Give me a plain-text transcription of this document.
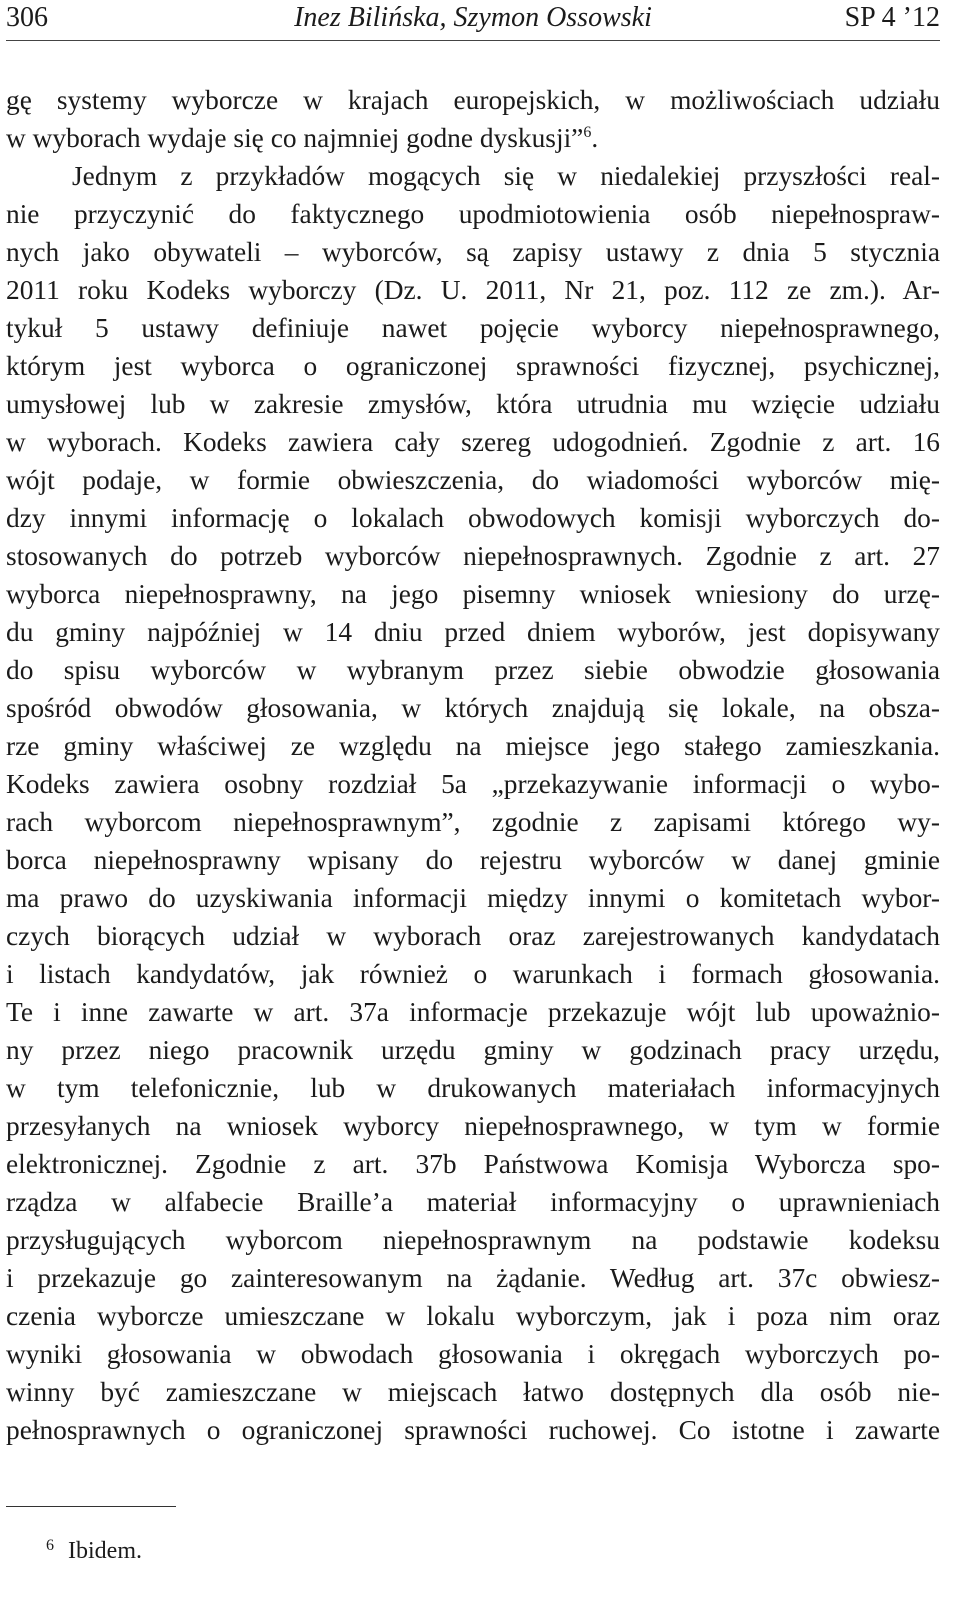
306	Inez Bilińska, Szymon Ossowski	SP 4 ’12
gę systemy wyborcze w krajach europejskich, w możliwościach udziału
w wyborach wydaje się co najmniej godne dyskusji”$^6$.
Jednym z przykładów mogących się w niedalekiej przyszłości real-
nie przyczynić do faktycznego upodmiotowienia osób niepełnospraw-
nych jako obywateli – wyborców, są zapisy ustawy z dnia 5 stycznia
2011 roku Kodeks wyborczy (Dz. U. 2011, Nr 21, poz. 112 ze zm.). Ar-
tykuł 5 ustawy definiuje nawet pojęcie wyborcy niepełnosprawnego,
którym jest wyborca o ograniczonej sprawności fizycznej, psychicznej,
umysłowej lub w zakresie zmysłów, która utrudnia mu wzięcie udziału
w wyborach. Kodeks zawiera cały szereg udogodnień. Zgodnie z art. 16
wójt podaje, w formie obwieszczenia, do wiadomości wyborców mię-
dzy innymi informację o lokalach obwodowych komisji wyborczych do-
stosowanych do potrzeb wyborców niepełnosprawnych. Zgodnie z art. 27
wyborca niepełnosprawny, na jego pisemny wniosek wniesiony do urzę-
du gminy najpóźniej w 14 dniu przed dniem wyborów, jest dopisywany
do spisu wyborców w wybranym przez siebie obwodzie głosowania
spośród obwodów głosowania, w których znajdują się lokale, na obsza-
rze gminy właściwej ze względu na miejsce jego stałego zamieszkania.
Kodeks zawiera osobny rozdział 5a „przekazywanie informacji o wybo-
rach wyborcom niepełnosprawnym”, zgodnie z zapisami którego wy-
borca niepełnosprawny wpisany do rejestru wyborców w danej gminie
ma prawo do uzyskiwania informacji między innymi o komitetach wybor-
czych biorących udział w wyborach oraz zarejestrowanych kandydatach
i listach kandydatów, jak również o warunkach i formach głosowania.
Te i inne zawarte w art. 37a informacje przekazuje wójt lub upoważnio-
ny przez niego pracownik urzędu gminy w godzinach pracy urzędu,
w tym telefonicznie, lub w drukowanych materiałach informacyjnych
przesyłanych na wniosek wyborcy niepełnosprawnego, w tym w formie
elektronicznej. Zgodnie z art. 37b Państwowa Komisja Wyborcza spo-
rządza w alfabecie Braille’a materiał informacyjny o uprawnieniach
przysługujących wyborcom niepełnosprawnym na podstawie kodeksu
i przekazuje go zainteresowanym na żądanie. Według art. 37c obwiesz-
czenia wyborcze umieszczane w lokalu wyborczym, jak i poza nim oraz
wyniki głosowania w obwodach głosowania i okręgach wyborczych po-
winny być zamieszczane w miejscach łatwo dostępnych dla osób nie-
pełnosprawnych o ograniczonej sprawności ruchowej. Co istotne i zawarte
$^6$ Ibidem.
